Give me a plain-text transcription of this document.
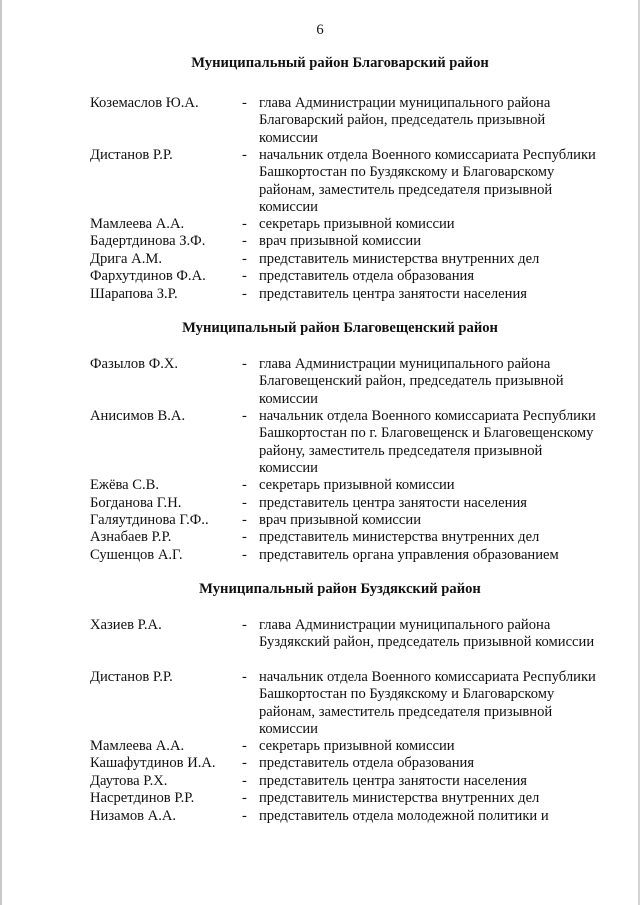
6
Муниципальный район Благоварский район
Коземаслов Ю.А.	- глава Администрации муниципального района Благоварский район, председатель призывной комиссии
Дистанов Р.Р.	- начальник отдела Военного комиссариата Республики Башкортостан по Буздякскому и Благоварскому районам, заместитель председателя призывной комиссии
Мамлеева А.А.	- секретарь призывной комиссии
Бадертдинова З.Ф.	- врач призывной комиссии
Дрига А.М.	- представитель министерства внутренних дел
Фархутдинов Ф.А. - представитель отдела образования
Шарапова З.Р.	- представитель центра занятости населения
Муниципальный район Благовещенский район
Фазылов Ф.Х.	- глава Администрации муниципального района Благовещенский район, председатель призывной комиссии
Анисимов В.А.	- начальник отдела Военного комиссариата Республики Башкортостан по г. Благовещенск и Благовещенскому району, заместитель председателя призывной комиссии
Ежёва С.В.	- секретарь призывной комиссии
Богданова Г.Н.	- представитель центра занятости населения
Галяутдинова Г.Ф.. - врач призывной комиссии
Азнабаев Р.Р.	- представитель министерства внутренних дел
Сушенцов А.Г.	- представитель органа управления образованием
Муниципальный район Буздякский район
Хазиев Р.А.	- глава Администрации муниципального района Буздякский район, председатель призывной комиссии
Дистанов Р.Р.	- начальник отдела Военного комиссариата Республики Башкортостан по Буздякскому и Благоварскому районам, заместитель председателя призывной комиссии
Мамлеева А.А.	- секретарь призывной комиссии
Кашафутдинов И.А. - представитель отдела образования
Даутова Р.Х.	- представитель центра занятости населения
Насретдинов Р.Р.	- представитель министерства внутренних дел
Низамов А.А.	- представитель отдела молодежной политики и
